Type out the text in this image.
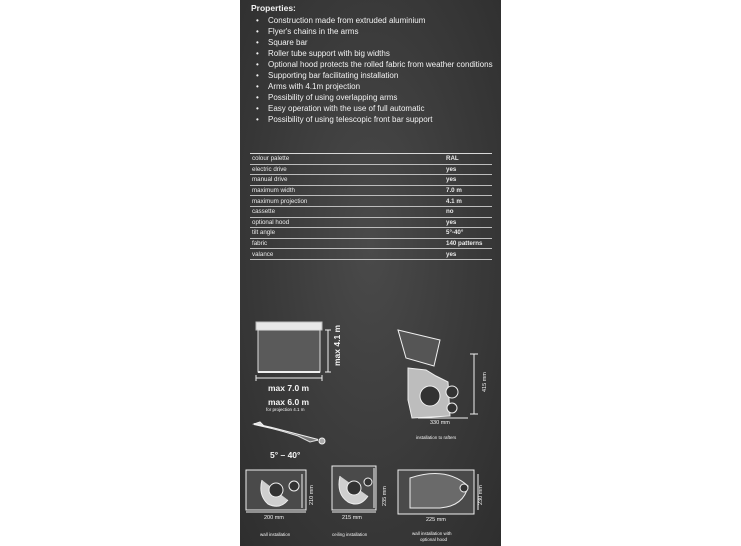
Properties:
• Construction made from extruded aluminium
• Flyer's chains in the arms
• Square bar
• Roller tube support with big widths
• Optional hood protects the rolled fabric from weather conditions
• Supporting bar facilitating installation
• Arms with 4.1m projection
• Possibility of using overlapping arms
• Easy operation with the use of full automatic
• Possibility of using telescopic front bar support
colour palette	RAL
electric drive	yes
manual drive	yes
maximum width	7.0 m
maximum projection	4.1 m
cassette	no
optional hood	yes
tilt angle	5°-40°
fabric	140 patterns
valance	yes
max 4.1 m
max 7.0 m
max 6.0 m
for projection 4.1 m
5° – 40°
415 mm
330 mm
installation to rafters
210 mm
200 mm
wall installation
235 mm
215 mm
ceiling installation
230 mm
225 mm
wall installation with
optional hood
